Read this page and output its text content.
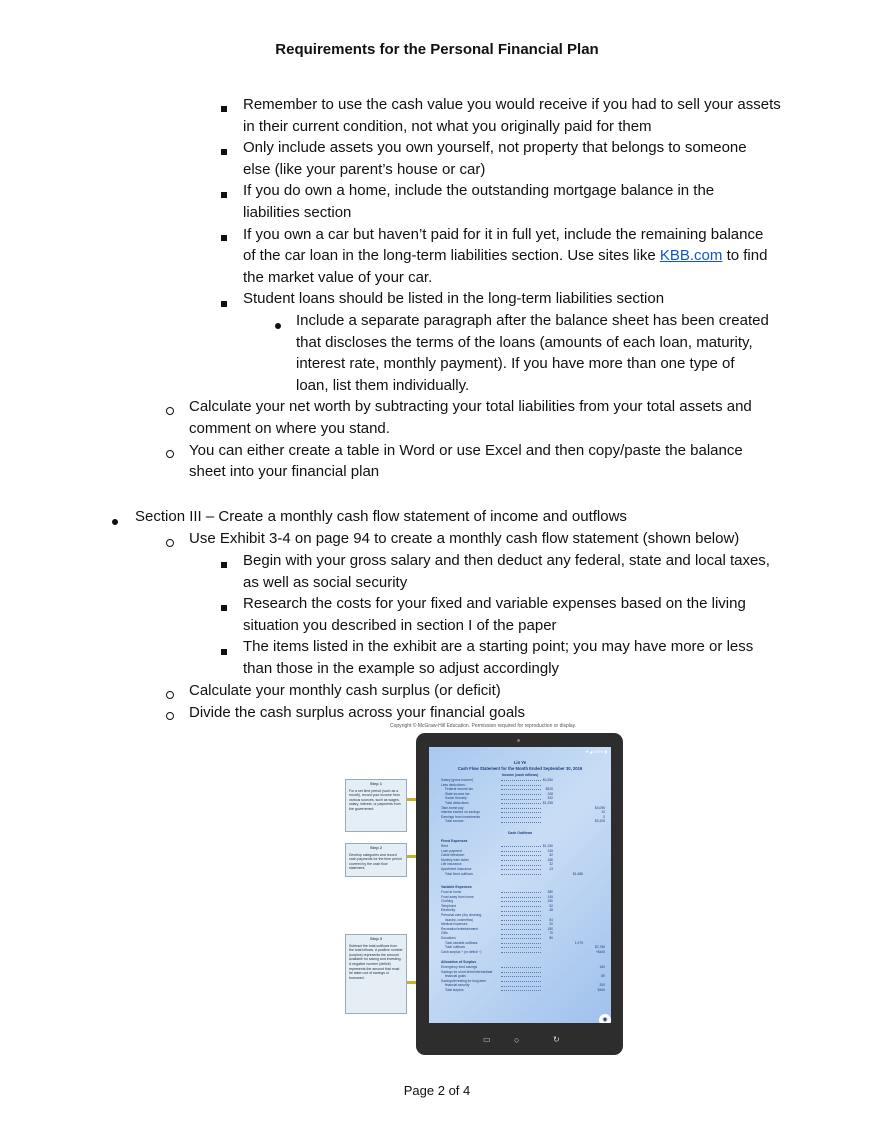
Requirements for the Personal Financial Plan
Remember to use the cash value you would receive if you had to sell your assets
in their current condition, not what you originally paid for them
Only include assets you own yourself, not property that belongs to someone
else (like your parent’s house or car)
If you do own a home, include the outstanding mortgage balance in the
liabilities section
If you own a car but haven’t paid for it in full yet, include the remaining balance
of the car loan in the long-term liabilities section. Use sites like KBB.com to find
the market value of your car.
Student loans should be listed in the long-term liabilities section
Include a separate paragraph after the balance sheet has been created
that discloses the terms of the loans (amounts of each loan, maturity,
interest rate, monthly payment). If you have more than one type of
loan, list them individually.
Calculate your net worth by subtracting your total liabilities from your total assets and
comment on where you stand.
You can either create a table in Word or use Excel and then copy/paste the balance
sheet into your financial plan
Section III – Create a monthly cash flow statement of income and outflows
Use Exhibit 3-4 on page 94 to create a monthly cash flow statement (shown below)
Begin with your gross salary and then deduct any federal, state and local taxes,
as well as social security
Research the costs for your fixed and variable expenses based on the living
situation you described in section I of the paper
The items listed in the exhibit are a starting point; you may have more or less
than those in the example so adjust accordingly
Calculate your monthly cash surplus (or deficit)
Divide the cash surplus across your financial goals
Copyright © McGraw-Hill Education. Permission required for reproduction or display.
Step 1
For a set time period (such as a month), record your income from various sources, such as wages, salary, interest, or payments from the government.
Step 2
Develop categories and record cash payments for the time period covered by the cash flow statement.
Step 3
Subtract the total outflows from the total inflows. A positive number (surplus) represents the amount available for saving and investing. A negative number (deficit) represents the amount that must be taken out of savings or borrowed.
▼◢ 100% ▮
Lin Ye
Cash Flow Statement for the Month Ended September 30, 2019
Income (cash inflows)
Cash Outflows
Fixed Expenses
Variable Expenses
Allocation of Surplus
◉
Salary (gross income)	$4,350
Less deductions:
Federal income tax	$815
State income tax	108
Social Security	332
Total deductions	$1,255
Take-home pay	$3,095
Interest earned on savings	10
Earnings from investments	0
Total income	$3,105
Rent	$1,150
Loan payment	245
Cable television	52
Monthly train ticket	186
Life insurance	32
Apartment insurance	23
Total fixed outflows	$1,688
Food at home	380
Food away from home	145
Clothing	150
Telephone	52
Electricity	48
Personal care (dry cleaning,
laundry, cosmetics)	84
Medical expenses	20
Recreation/entertainment	150
Gifts	70
Donations	80
Total variable outflows	1,079
Total outflows	$2,766
Cash surplus + (or deficit −)	+$440
Emergency fund savings	160
Savings for short-term/intermediate
financial goals	80
Savings/investing for long-term
financial security	200
Total surplus	$440
▭	○	↻
Page 2 of 4
